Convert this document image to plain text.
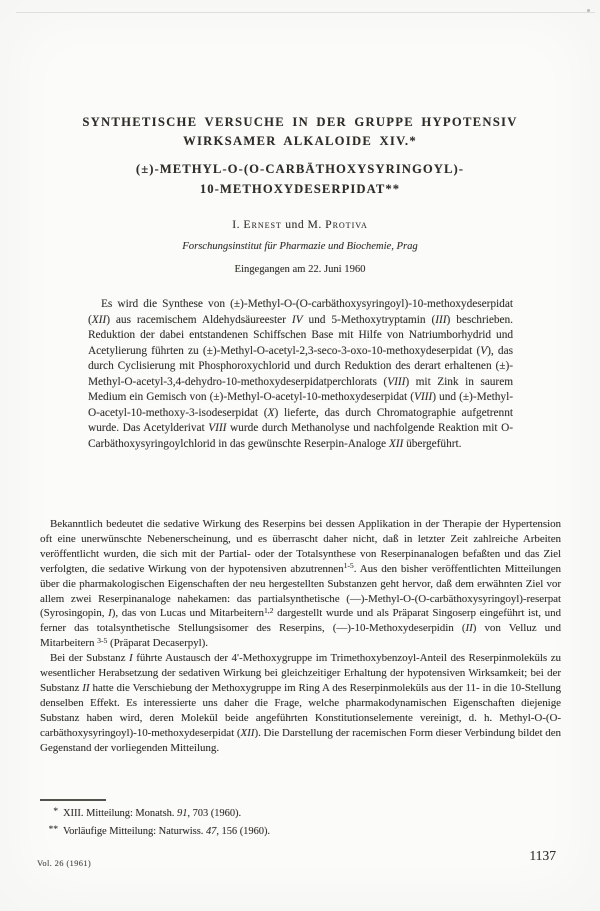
SYNTHETISCHE VERSUCHE IN DER GRUPPE HYPOTENSIV
WIRKSAMER ALKALOIDE XIV.*
(±)-METHYL-O-(O-CARBÄTHOXYSYRINGOYL)-
10-METHOXYDESERPIDAT**
I. Ernest und M. Protiva
Forschungsinstitut für Pharmazie und Biochemie, Prag
Eingegangen am 22. Juni 1960
Es wird die Synthese von (±)-Methyl-O-(O-carbäthoxysyringoyl)-10-methoxydeserpidat (XII) aus racemischem Aldehydsäureester IV und 5-Methoxytryptamin (III) beschrieben. Reduktion der dabei entstandenen Schiffschen Base mit Hilfe von Natriumborhydrid und Acetylierung führten zu (±)-Methyl-O-acetyl-2,3-seco-3-oxo-10-methoxydeserpidat (V), das durch Cyclisierung mit Phosphoroxychlorid und durch Reduktion des derart erhaltenen (±)-Methyl-O-acetyl-3,4-dehydro-10-methoxydeserpidatperchlorats (VIII) mit Zink in saurem Medium ein Gemisch von (±)-Methyl-O-acetyl-10-methoxydeserpidat (VIII) und (±)-Methyl-O-acetyl-10-methoxy-3-isodeserpidat (X) lieferte, das durch Chromatographie aufgetrennt wurde. Das Acetylderivat VIII wurde durch Methanolyse und nachfolgende Reaktion mit O-Carbäthoxysyringoylchlorid in das gewünschte Reserpin-Analoge XII übergeführt.

Bekanntlich bedeutet die sedative Wirkung des Reserpins bei dessen Applikation in der Therapie der Hypertension oft eine unerwünschte Nebenerscheinung, und es überrascht daher nicht, daß in letzter Zeit zahlreiche Arbeiten veröffentlicht wurden, die sich mit der Partial- oder der Totalsynthese von Reserpinanalogen befaßten und das Ziel verfolgten, die sedative Wirkung von der hypotensiven abzutrennen$^{1-5}$. Aus den bisher veröffentlichten Mitteilungen über die pharmakologischen Eigenschaften der neu hergestellten Substanzen geht hervor, daß dem erwähnten Ziel vor allem zwei Reserpinanaloge nahekamen: das partialsynthetische (—)-Methyl-O-(O-carbäthoxysyringoyl)-reserpat (Syrosingopin, I), das von Lucas und Mitarbeitern$^{1,2}$ dargestellt wurde und als Präparat Singoserp eingeführt ist, und ferner das totalsynthetische Stellungsisomer des Reserpins, (—)-10-Methoxydeserpidin (II) von Velluz und Mitarbeitern $^{3-5}$ (Präparat Decaserpyl).

Bei der Substanz I führte Austausch der 4'-Methoxygruppe im Trimethoxybenzoyl-Anteil des Reserpinmoleküls zu wesentlicher Herabsetzung der sedativen Wirkung bei gleichzeitiger Erhaltung der hypotensiven Wirksamkeit; bei der Substanz II hatte die Verschiebung der Methoxygruppe im Ring A des Reserpinmoleküls aus der 11- in die 10-Stellung denselben Effekt. Es interessierte uns daher die Frage, welche pharmakodynamischen Eigenschaften diejenige Substanz haben wird, deren Molekül beide angeführten Konstitutionselemente vereinigt, d. h. Methyl-O-(O-carbäthoxysyringoyl)-10-methoxydeserpidat (XII). Die Darstellung der racemischen Form dieser Verbindung bildet den Gegenstand der vorliegenden Mitteilung.

* XIII. Mitteilung: Monatsh. 91, 703 (1960).
** Vorläufige Mitteilung: Naturwiss. 47, 156 (1960).
Vol. 26 (1961)
1137
